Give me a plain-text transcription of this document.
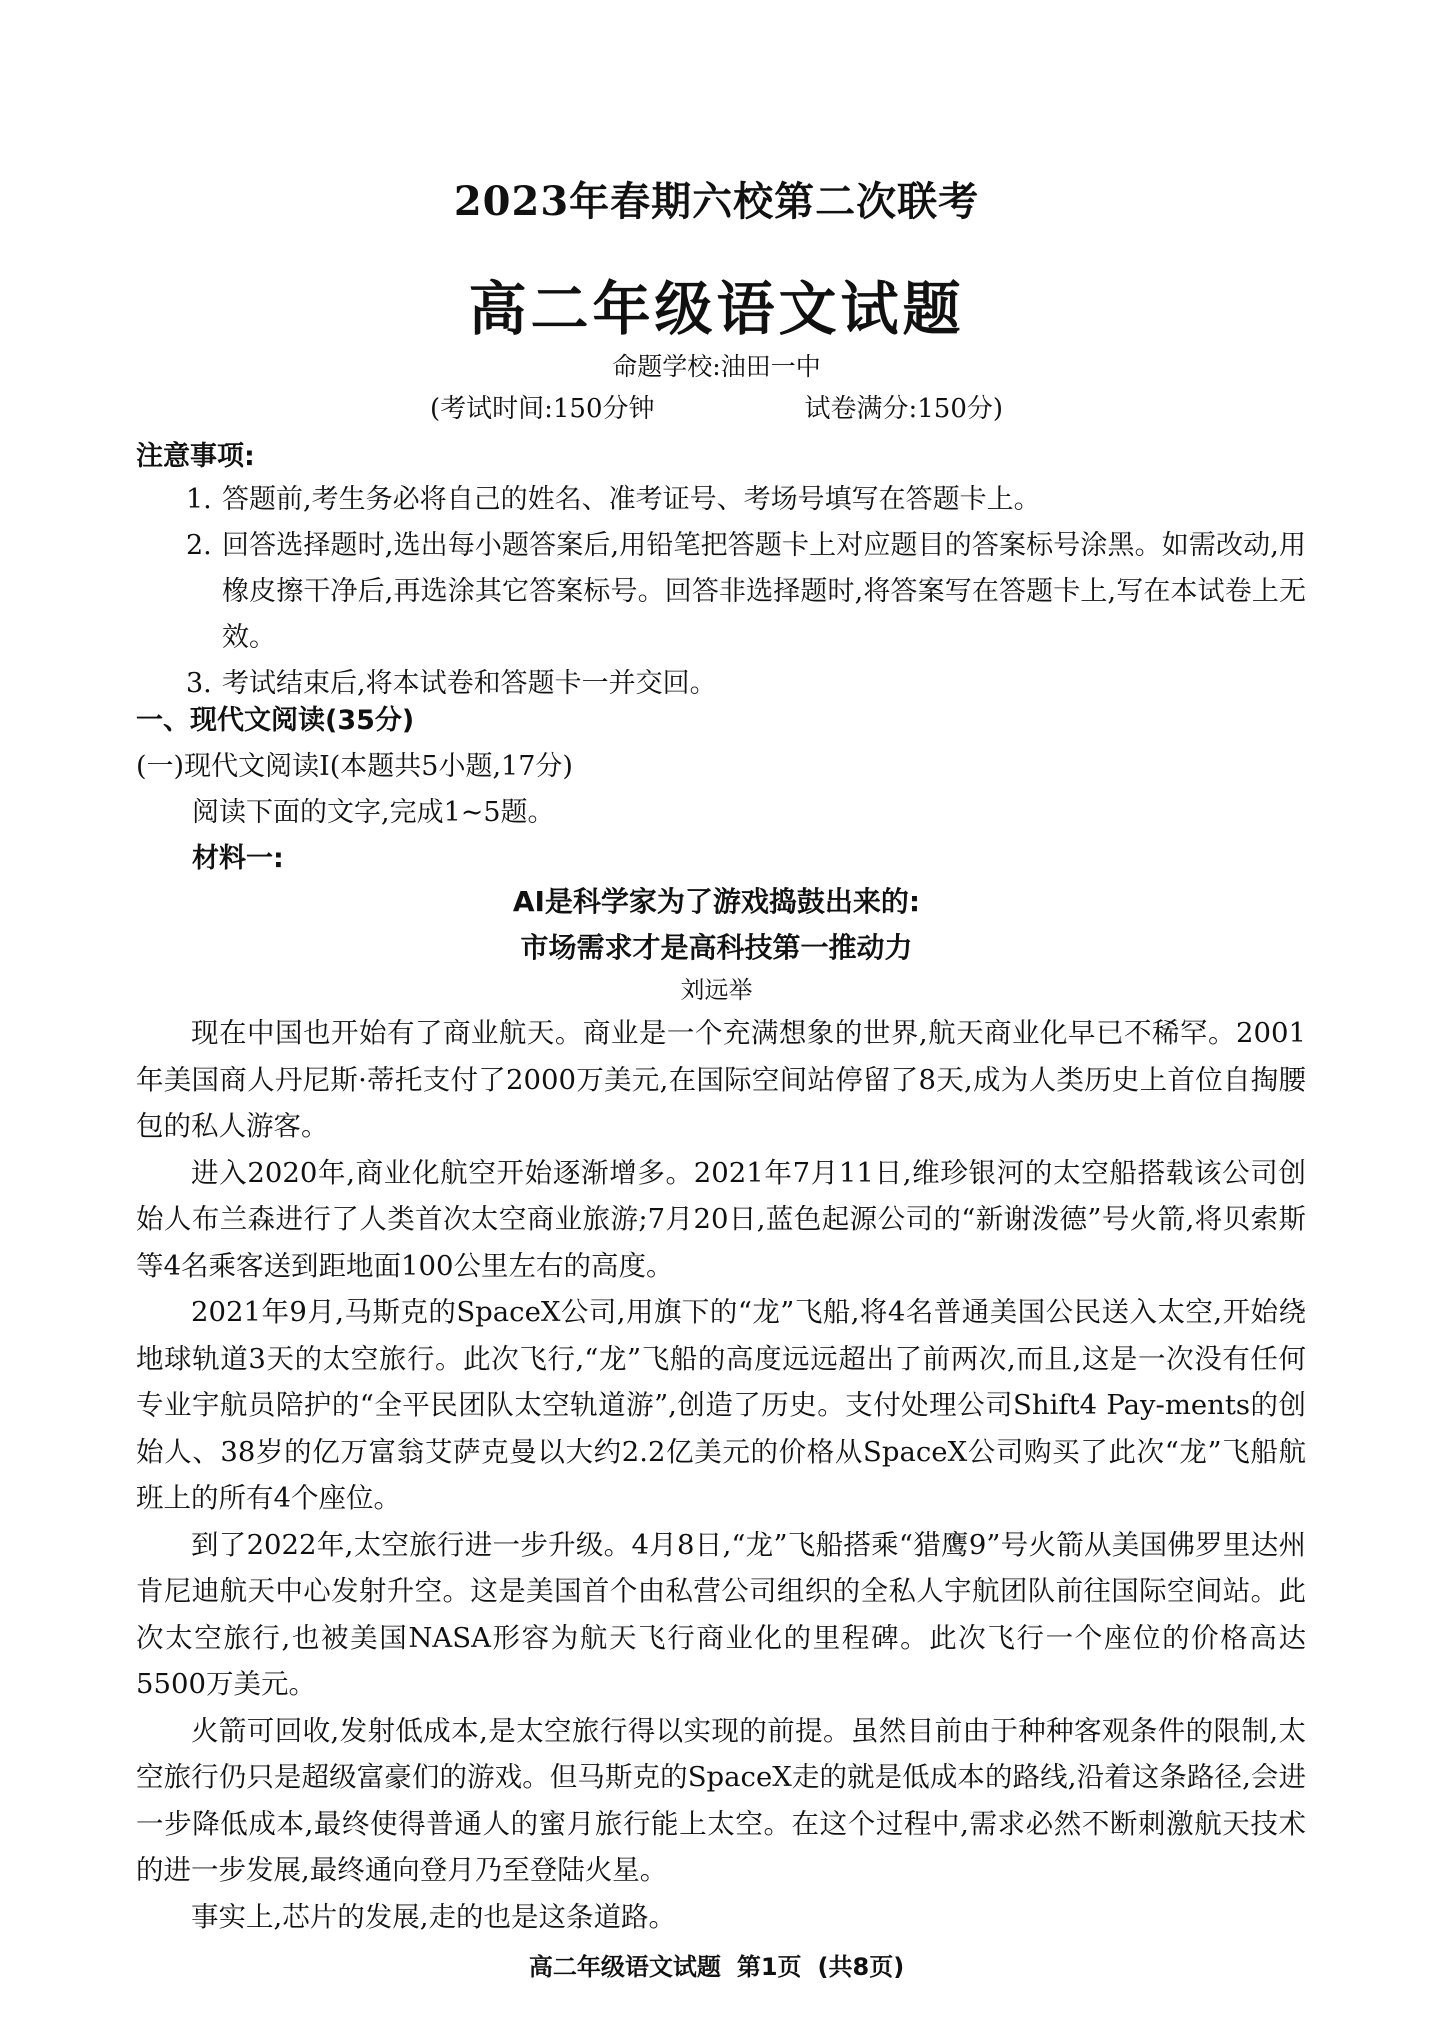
2023年春期六校第二次联考
高二年级语文试题
命题学校:油田一中
(考试时间:150分钟	试卷满分:150分)
注意事项:
1. 答题前,考生务必将自己的姓名、准考证号、考场号填写在答题卡上。
2. 回答选择题时,选出每小题答案后,用铅笔把答题卡上对应题目的答案标号涂黑。如需改动,用橡皮擦干净后,再选涂其它答案标号。回答非选择题时,将答案写在答题卡上,写在本试卷上无效。
3. 考试结束后,将本试卷和答题卡一并交回。
一、现代文阅读(35分)
(一)现代文阅读Ⅰ(本题共5小题,17分)
阅读下面的文字,完成1~5题。
材料一:
AI是科学家为了游戏捣鼓出来的:
市场需求才是高科技第一推动力
刘远举

现在中国也开始有了商业航天。商业是一个充满想象的世界,航天商业化早已不稀罕。2001年美国商人丹尼斯·蒂托支付了2000万美元,在国际空间站停留了8天,成为人类历史上首位自掏腰包的私人游客。

进入2020年,商业化航空开始逐渐增多。2021年7月11日,维珍银河的太空船搭载该公司创始人布兰森进行了人类首次太空商业旅游;7月20日,蓝色起源公司的“新谢泼德”号火箭,将贝索斯等4名乘客送到距地面100公里左右的高度。

2021年9月,马斯克的SpaceX公司,用旗下的“龙”飞船,将4名普通美国公民送入太空,开始绕地球轨道3天的太空旅行。此次飞行,“龙”飞船的高度远远超出了前两次,而且,这是一次没有任何专业宇航员陪护的“全平民团队太空轨道游”,创造了历史。支付处理公司Shift4 Pay-ments的创始人、38岁的亿万富翁艾萨克曼以大约2.2亿美元的价格从SpaceX公司购买了此次“龙”飞船航班上的所有4个座位。

到了2022年,太空旅行进一步升级。4月8日,“龙”飞船搭乘“猎鹰9”号火箭从美国佛罗里达州肯尼迪航天中心发射升空。这是美国首个由私营公司组织的全私人宇航团队前往国际空间站。此次太空旅行,也被美国NASA形容为航天飞行商业化的里程碑。此次飞行一个座位的价格高达5500万美元。

火箭可回收,发射低成本,是太空旅行得以实现的前提。虽然目前由于种种客观条件的限制,太空旅行仍只是超级富豪们的游戏。但马斯克的SpaceX走的就是低成本的路线,沿着这条路径,会进一步降低成本,最终使得普通人的蜜月旅行能上太空。在这个过程中,需求必然不断刺激航天技术的进一步发展,最终通向登月乃至登陆火星。

事实上,芯片的发展,走的也是这条道路。

高二年级语文试题 第1页 (共8页)
